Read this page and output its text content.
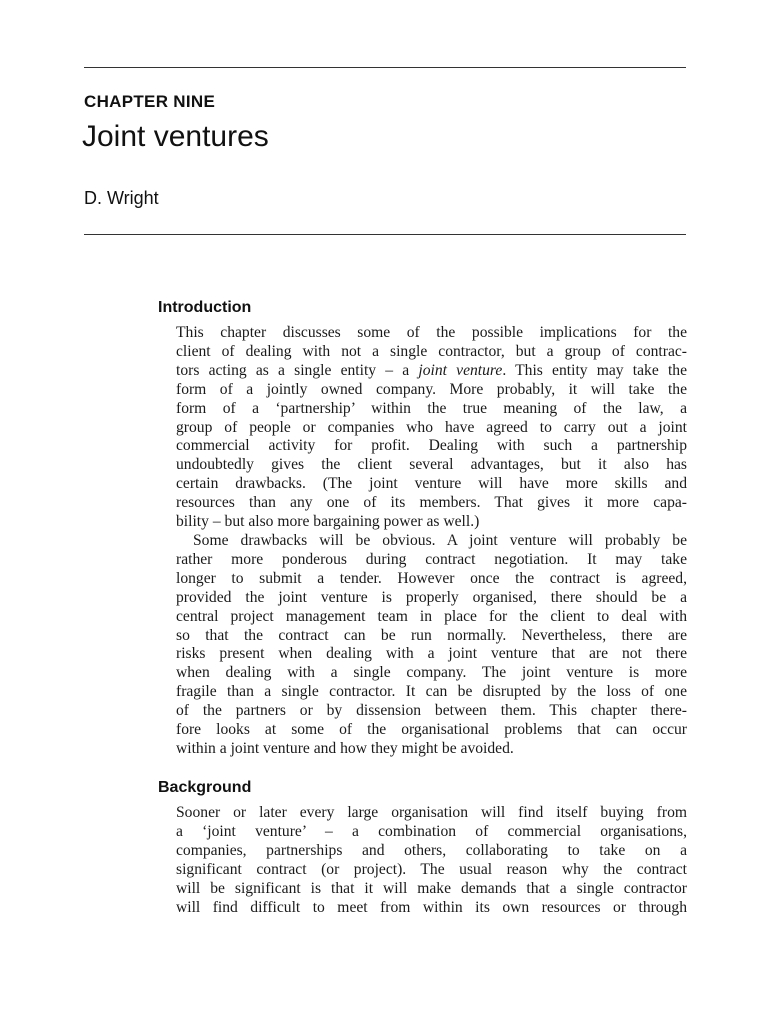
CHAPTER NINE
Joint ventures
D. Wright
Introduction
This chapter discusses some of the possible implications for the
client of dealing with not a single contractor, but a group of contrac-
tors acting as a single entity – a joint venture. This entity may take the
form of a jointly owned company. More probably, it will take the
form of a ‘partnership’ within the true meaning of the law, a
group of people or companies who have agreed to carry out a joint
commercial activity for profit. Dealing with such a partnership
undoubtedly gives the client several advantages, but it also has
certain drawbacks. (The joint venture will have more skills and
resources than any one of its members. That gives it more capa-
bility – but also more bargaining power as well.)
Some drawbacks will be obvious. A joint venture will probably be
rather more ponderous during contract negotiation. It may take
longer to submit a tender. However once the contract is agreed,
provided the joint venture is properly organised, there should be a
central project management team in place for the client to deal with
so that the contract can be run normally. Nevertheless, there are
risks present when dealing with a joint venture that are not there
when dealing with a single company. The joint venture is more
fragile than a single contractor. It can be disrupted by the loss of one
of the partners or by dissension between them. This chapter there-
fore looks at some of the organisational problems that can occur
within a joint venture and how they might be avoided.
Background
Sooner or later every large organisation will find itself buying from
a ‘joint venture’ – a combination of commercial organisations,
companies, partnerships and others, collaborating to take on a
significant contract (or project). The usual reason why the contract
will be significant is that it will make demands that a single contractor
will find difficult to meet from within its own resources or through
